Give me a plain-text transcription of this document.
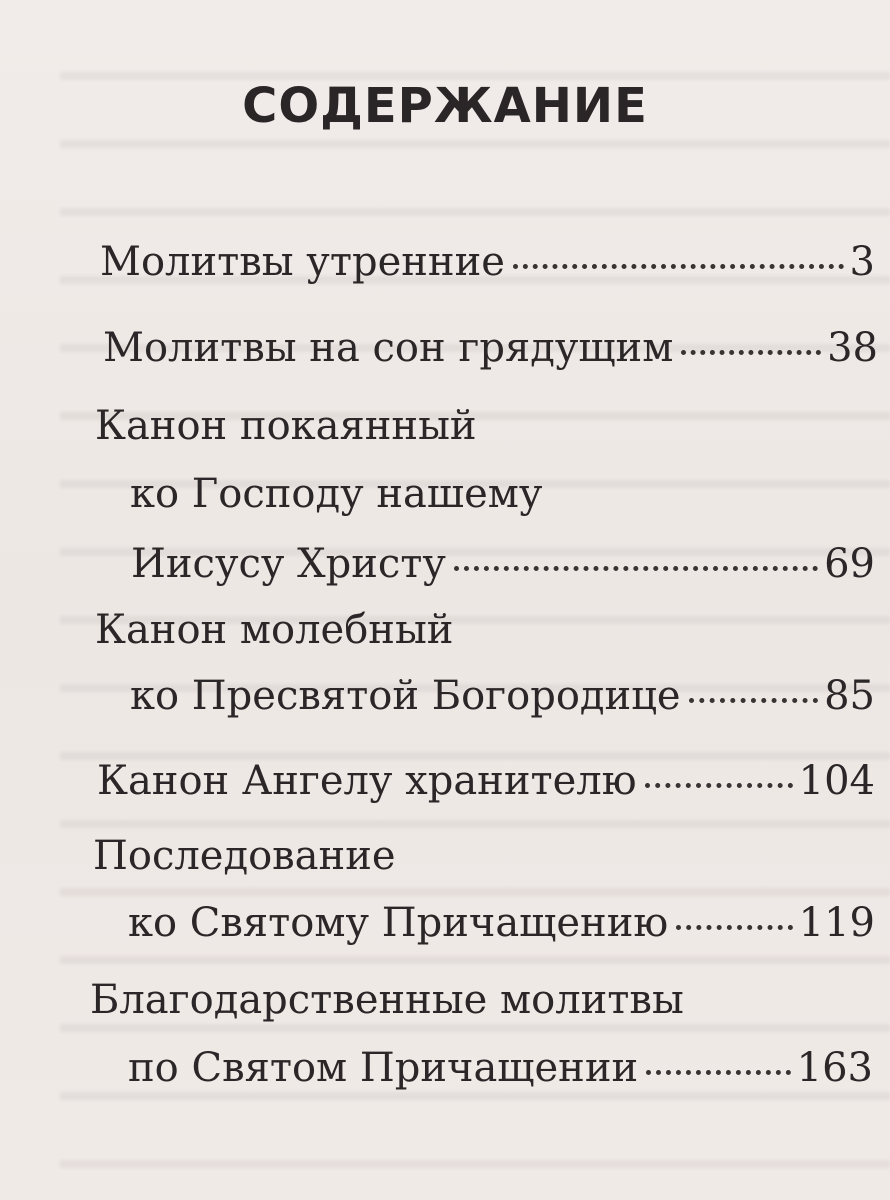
СОДЕРЖАНИЕ
Молитвы утренние	3
Молитвы на сон грядущим	38
Канон покаянный
ко Господу нашему
Иисусу Христу	69
Канон молебный
ко Пресвятой Богородице	85
Канон Ангелу хранителю	104
Последование
ко Святому Причащению	119
Благодарственные молитвы
по Святом Причащении	163
